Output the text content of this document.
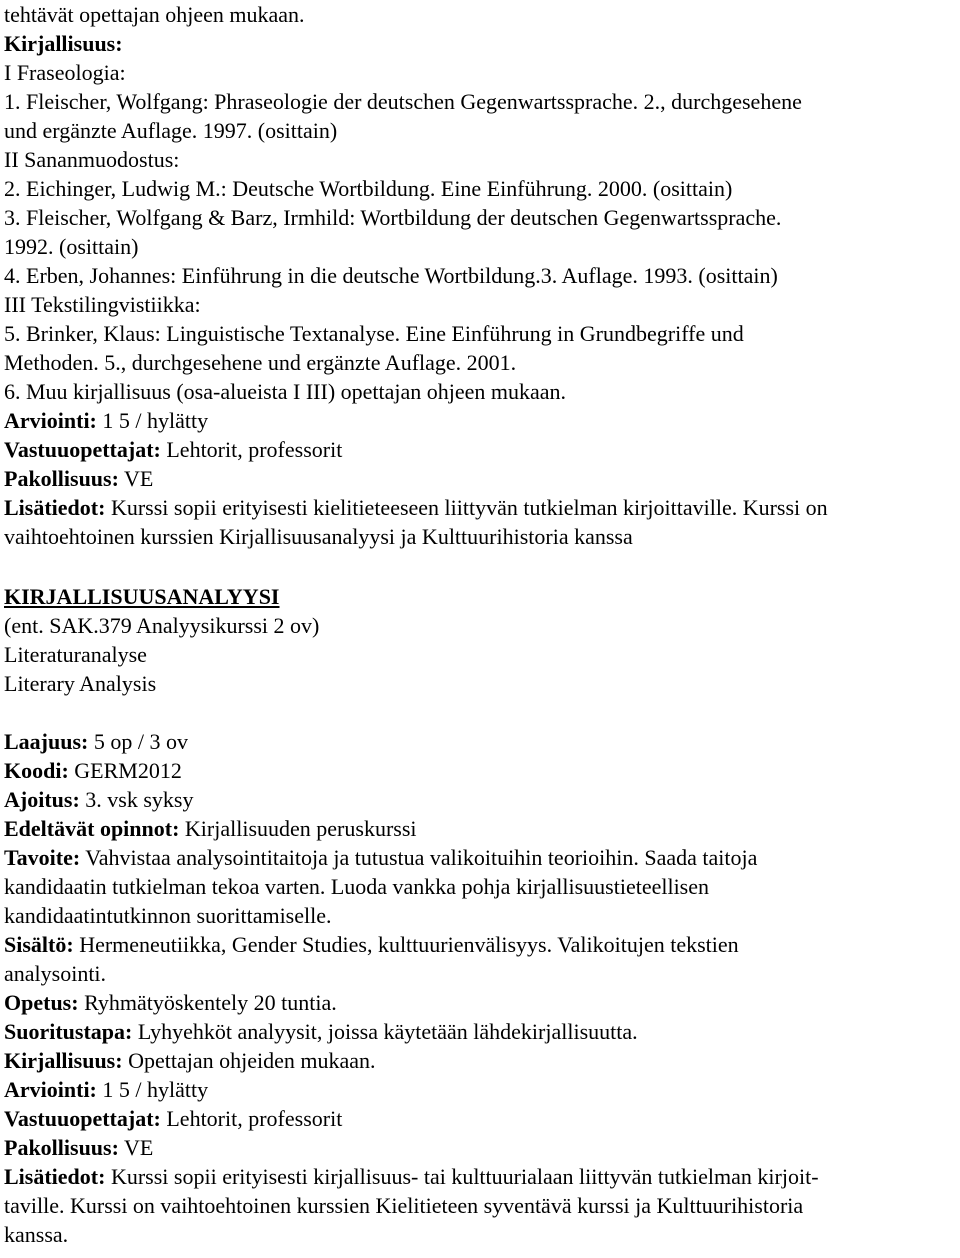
tehtävät opettajan ohjeen mukaan.
Kirjallisuus:
I Fraseologia:
1. Fleischer, Wolfgang: Phraseologie der deutschen Gegenwartssprache. 2., durchgesehene
und ergänzte Auflage. 1997. (osittain)
II Sananmuodostus:
2. Eichinger, Ludwig M.: Deutsche Wortbildung. Eine Einführung. 2000. (osittain)
3. Fleischer, Wolfgang & Barz, Irmhild: Wortbildung der deutschen Gegenwartssprache.
1992. (osittain)
4. Erben, Johannes: Einführung in die deutsche Wortbildung.3. Auflage. 1993. (osittain)
III Tekstilingvistiikka:
5. Brinker, Klaus: Linguistische Textanalyse. Eine Einführung in Grundbegriffe und
Methoden. 5., durchgesehene und ergänzte Auflage. 2001.
6. Muu kirjallisuus (osa-alueista I III) opettajan ohjeen mukaan.
Arviointi: 1 5 / hylätty
Vastuuopettajat: Lehtorit, professorit
Pakollisuus: VE
Lisätiedot: Kurssi sopii erityisesti kielitieteeseen liittyvän tutkielman kirjoittaville. Kurssi on
vaihtoehtoinen kurssien Kirjallisuusanalyysi ja Kulttuurihistoria kanssa
KIRJALLISUUSANALYYSI
(ent. SAK.379 Analyysikurssi 2 ov)
Literaturanalyse
Literary Analysis
Laajuus: 5 op / 3 ov
Koodi: GERM2012
Ajoitus: 3. vsk syksy
Edeltävät opinnot: Kirjallisuuden peruskurssi
Tavoite: Vahvistaa analysointitaitoja ja tutustua valikoituihin teorioihin. Saada taitoja
kandidaatin tutkielman tekoa varten. Luoda vankka pohja kirjallisuustieteellisen
kandidaatintutkinnon suorittamiselle.
Sisältö: Hermeneutiikka, Gender Studies, kulttuurienvälisyys. Valikoitujen tekstien
analysointi.
Opetus: Ryhmätyöskentely 20 tuntia.
Suoritustapa: Lyhyehköt analyysit, joissa käytetään lähdekirjallisuutta.
Kirjallisuus: Opettajan ohjeiden mukaan.
Arviointi: 1 5 / hylätty
Vastuuopettajat: Lehtorit, professorit
Pakollisuus: VE
Lisätiedot: Kurssi sopii erityisesti kirjallisuus- tai kulttuurialaan liittyvän tutkielman kirjoit-
taville. Kurssi on vaihtoehtoinen kurssien Kielitieteen syventävä kurssi ja Kulttuurihistoria
kanssa.
